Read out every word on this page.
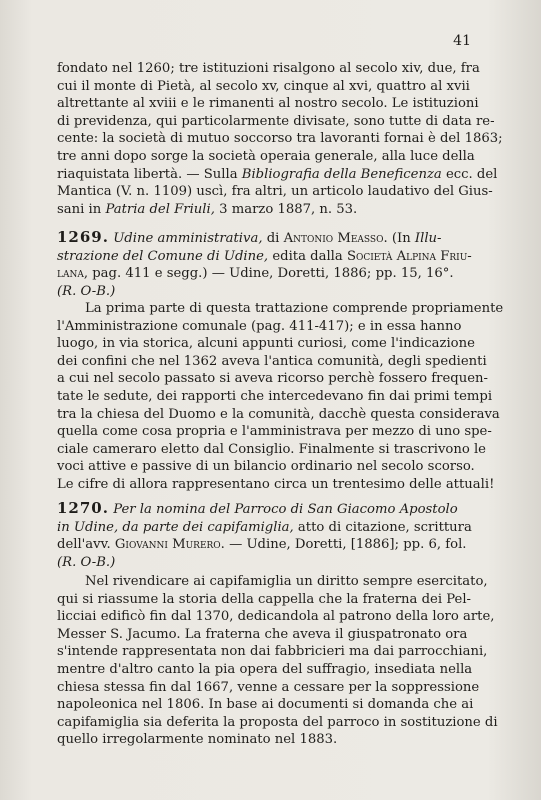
41

fondato nel 1260; tre istituzioni risalgono al secolo xiv, due, fra
cui il monte di Pietà, al secolo xv, cinque al xvi, quattro al xvii
altrettante al xviii e le rimanenti al nostro secolo. Le istituzioni
di previdenza, qui particolarmente divisate, sono tutte di data re-
cente: la società di mutuo soccorso tra lavoranti fornai è del 1863;
tre anni dopo sorge la società operaia generale, alla luce della
riaquistata libertà. — Sulla Bibliografia della Beneficenza ecc. del
Mantica (V. n. 1109) uscì, fra altri, un articolo laudativo del Gius-
sani in Patria del Friuli, 3 marzo 1887, n. 53.

1269. Udine amministrativa, di Antonio Measso. (In Illu-
strazione del Comune di Udine, edita dalla Società Alpina Friu-
lana, pag. 411 e segg.) — Udine, Doretti, 1886; pp. 15, 16°.
(R. O-B.)

La prima parte di questa trattazione comprende propriamente
l'Amministrazione comunale (pag. 411-417); e in essa hanno
luogo, in via storica, alcuni appunti curiosi, come l'indicazione
dei confini che nel 1362 aveva l'antica comunità, degli spedienti
a cui nel secolo passato si aveva ricorso perchè fossero frequen-
tate le sedute, dei rapporti che intercedevano fin dai primi tempi
tra la chiesa del Duomo e la comunità, dacchè questa considerava
quella come cosa propria e l'amministrava per mezzo di uno spe-
ciale cameraro eletto dal Consiglio. Finalmente si trascrivono le
voci attive e passive di un bilancio ordinario nel secolo scorso.
Le cifre di allora rappresentano circa un trentesimo delle attuali!

1270. Per la nomina del Parroco di San Giacomo Apostolo
in Udine, da parte dei capifamiglia, atto di citazione, scrittura
dell'avv. Giovanni Murero. — Udine, Doretti, [1886]; pp. 6, fol.
(R. O-B.)

Nel rivendicare ai capifamiglia un diritto sempre esercitato,
qui si riassume la storia della cappella che la fraterna dei Pel-
licciai edificò fin dal 1370, dedicandola al patrono della loro arte,
Messer S. Jacumo. La fraterna che aveva il giuspatronato ora
s'intende rappresentata non dai fabbricieri ma dai parrocchiani,
mentre d'altro canto la pia opera del suffragio, insediata nella
chiesa stessa fin dal 1667, venne a cessare per la soppressione
napoleonica nel 1806. In base ai documenti si domanda che ai
capifamiglia sia deferita la proposta del parroco in sostituzione di
quello irregolarmente nominato nel 1883.
